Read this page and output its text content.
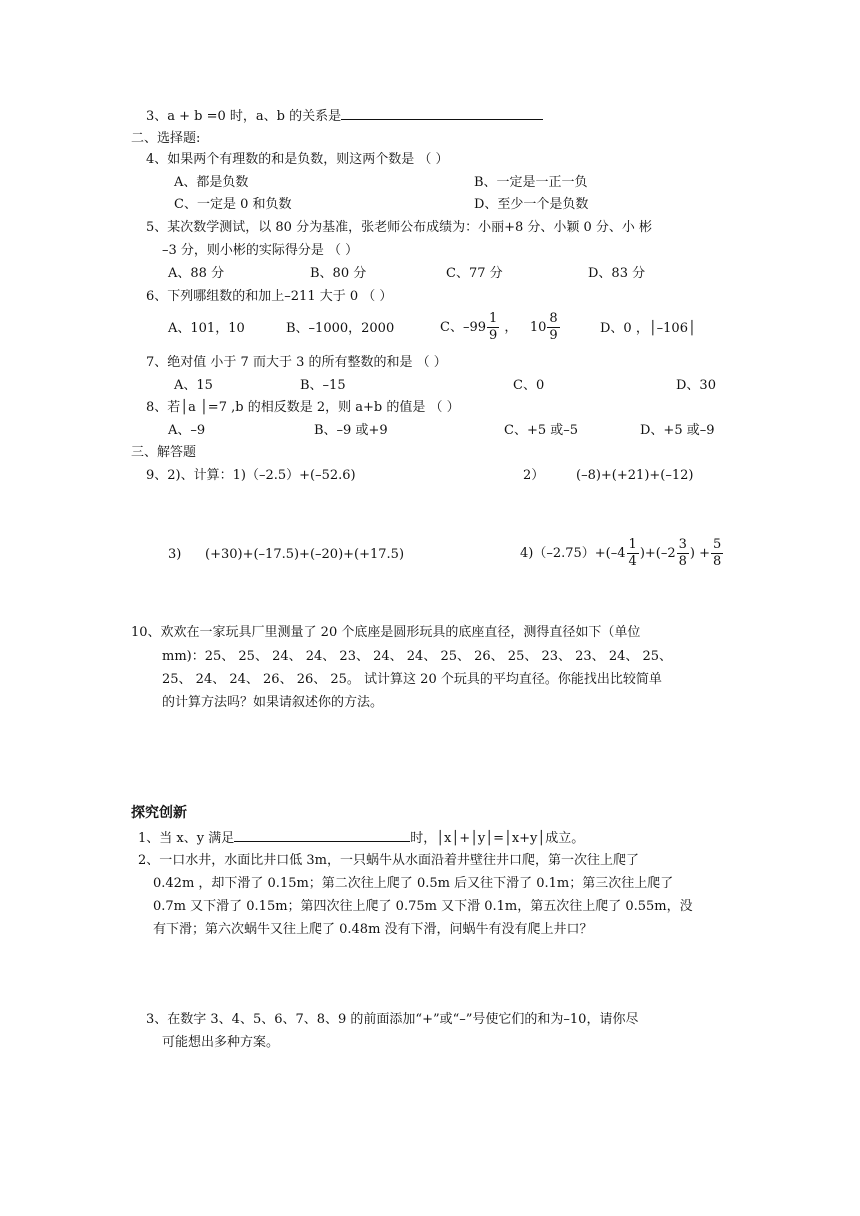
3、a + b =0 时，a、b 的关系是
二、选择题:
4、如果两个有理数的和是负数，则这两个数是 （ ）
A、都是负数	B、一定是一正一负
C、一定是 0 和负数	D、至少一个是负数
5、某次数学测试，以 80 分为基准，张老师公布成绩为：小丽+8 分、小颖 0 分、小 彬
–3 分，则小彬的实际得分是 （ ）
A、88 分	B、80 分	C、77 分	D、83 分
6、下列哪组数的和加上–211 大于 0 （ ）
A、101，10	B、–1000，2000	C、$-99 \frac{1}{9}$ ， $10 \frac{8}{9}$	D、0 ，│–106│
7、绝对值 小于 7 而大于 3 的所有整数的和是 （ ）
A、15	B、–15	C、0	D、30
8、若│a │=7 ,b 的相反数是 2，则 a+b 的值是 （ ）
A、–9	B、–9 或+9	C、+5 或–5	D、+5 或–9
三、解答题
9、2)、计算：1)（–2.5）+(–52.6)	2） (–8)+(+21)+(–12)
3) (+30)+(–17.5)+(–20)+(+17.5)	$4)(-2.75)+(-4 \frac{1}{4} )+(-2 \frac{3}{8}$ ) + $\frac{5}{8}$
10、欢欢在一家玩具厂里测量了 20 个底座是圆形玩具的底座直径，测得直径如下（单位
mm)：25、 25、 24、 24、 23、 24、 24、 25、 26、 25、 23、 23、 24、 25、
25、 24、 24、 26、 26、 25。 试计算这 20 个玩具的平均直径。你能找出比较简单
的计算方法吗？如果请叙述你的方法。
探究创新
1、当 x、y 满足	时，│x│+│y│=│x+y│成立。
2、一口水井，水面比井口低 3m，一只蜗牛从水面沿着井壁往井口爬，第一次往上爬了
0.42m ，却下滑了 0.15m；第二次往上爬了 0.5m 后又往下滑了 0.1m；第三次往上爬了
0.7m 又下滑了 0.15m；第四次往上爬了 0.75m 又下滑 0.1m，第五次往上爬了 0.55m，没
有下滑；第六次蜗牛又往上爬了 0.48m 没有下滑，问蜗牛有没有爬上井口？
3、在数字 3、4、5、6、7、8、9 的前面添加“+”或“–”号使它们的和为–10，请你尽
可能想出多种方案。
